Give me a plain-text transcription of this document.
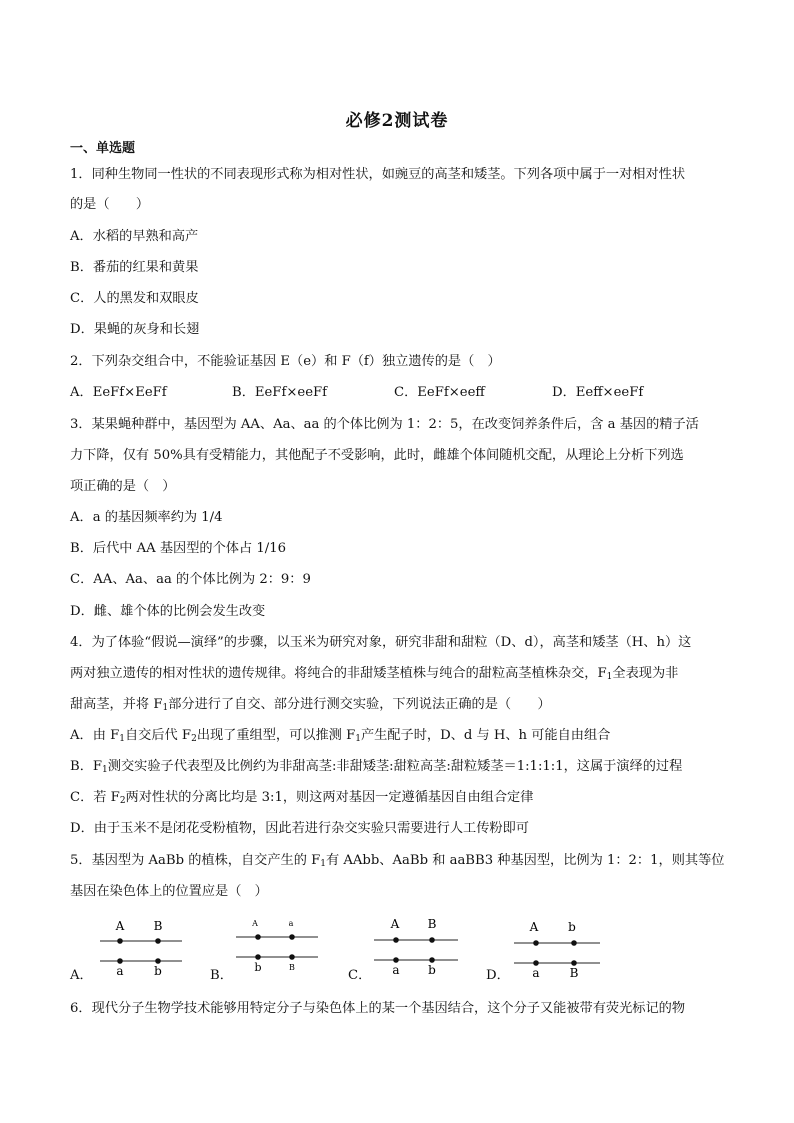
必修2测试卷
一、单选题
1．同种生物同一性状的不同表现形式称为相对性状，如豌豆的高茎和矮茎。下列各项中属于一对相对性状
的是（　　）
A．水稻的早熟和高产
B．番茄的红果和黄果
C．人的黑发和双眼皮
D．果蝇的灰身和长翅
2．下列杂交组合中，不能验证基因 E（e）和 F（f）独立遗传的是（　）
A．EeFf×EeFf	B．EeFf×eeFf	C．EeFf×eeff	D．Eeff×eeFf
3．某果蝇种群中，基因型为 AA、Aa、aa 的个体比例为 1：2：5，在改变饲养条件后，含 a 基因的精子活
力下降，仅有 50%具有受精能力，其他配子不受影响，此时，雌雄个体间随机交配，从理论上分析下列选
项正确的是（　）
A．a 的基因频率约为 1/4
B．后代中 AA 基因型的个体占 1/16
C．AA、Aa、aa 的个体比例为 2：9：9
D．雌、雄个体的比例会发生改变
4．为了体验“假说—演绎”的步骤，以玉米为研究对象，研究非甜和甜粒（D、d），高茎和矮茎（H、h）这
两对独立遗传的相对性状的遗传规律。将纯合的非甜矮茎植株与纯合的甜粒高茎植株杂交，$F_1$全表现为非
甜高茎，并将 $F_1$部分进行了自交、部分进行测交实验，下列说法正确的是（　　）
A．由 $F_1$自交后代 $F_2$出现了重组型，可以推测 $F_1$产生配子时，D、d 与 H、h 可能自由组合
B．$F_1$测交实验子代表型及比例约为非甜高茎:非甜矮茎:甜粒高茎:甜粒矮茎＝1:1:1:1，这属于演绎的过程
C．若 $F_2$两对性状的分离比均是 3:1，则这两对基因一定遵循基因自由组合定律
D．由于玉米不是闭花受粉植物，因此若进行杂交实验只需要进行人工传粉即可
5．基因型为 AaBb 的植株，自交产生的 $F_1$有 AAbb、AaBb 和 aaBB3 种基因型，比例为 1：2：1，则其等位
基因在染色体上的位置应是（　）
A．
A B
a	b	B．
A	a
b	B
C．
A B
a b	D．
A b
a	B
6．现代分子生物学技术能够用特定分子与染色体上的某一个基因结合，这个分子又能被带有荧光标记的物
